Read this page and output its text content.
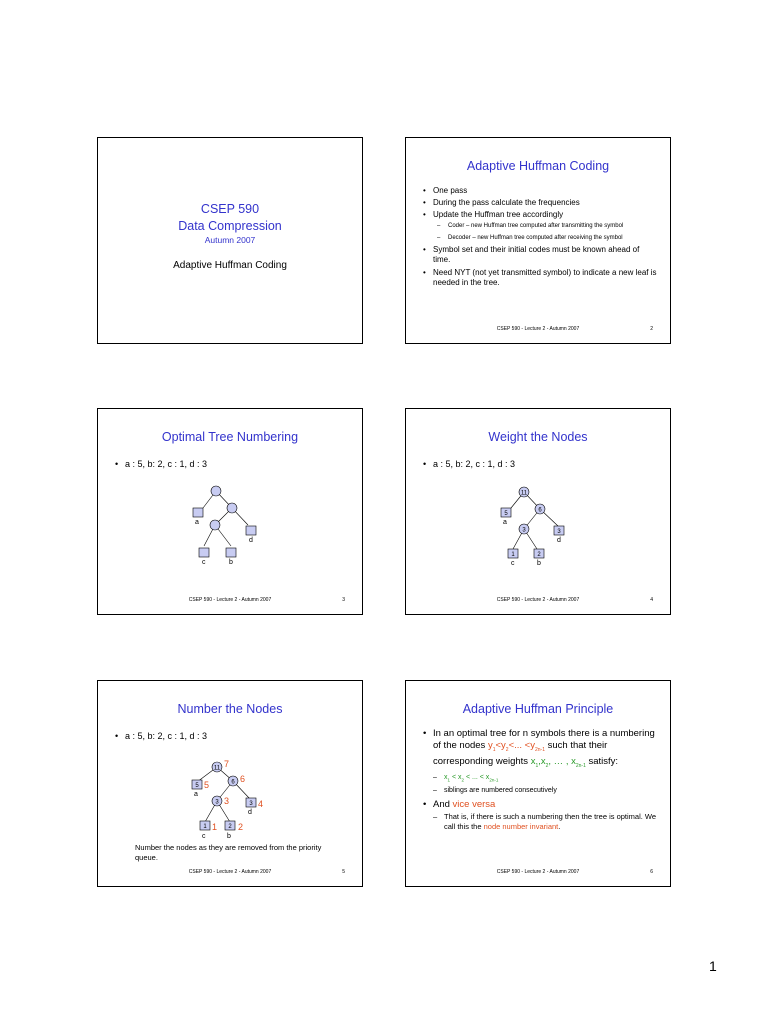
CSEP 590
Data Compression
Autumn 2007
Adaptive Huffman Coding
Adaptive Huffman Coding
• One pass
• During the pass calculate the frequencies
• Update the Huffman tree accordingly
– Coder – new Huffman tree computed after transmitting the symbol
– Decoder – new Huffman tree computed after receiving the symbol
• Symbol set and their initial codes must be known ahead of time.
• Need NYT (not yet transmitted symbol) to indicate a new leaf is needed in the tree.
CSEP 590 - Lecture 2 - Autumn 2007	2
Optimal Tree Numbering
• a : 5, b: 2, c : 1, d : 3
a
d
c	b
CSEP 590 - Lecture 2 - Autumn 2007	3
Weight the Nodes
• a : 5, b: 2, c : 1, d : 3
11
5
6
3	3
1	2
a
d
c	b
CSEP 590 - Lecture 2 - Autumn 2007	4
Number the Nodes
• a : 5, b: 2, c : 1, d : 3
11
5
6
3	3
1	2
7
5
6
3	4
1 2
a
d
c	b
Number the nodes as they are removed from the priority queue.
CSEP 590 - Lecture 2 - Autumn 2007	5
Adaptive Huffman Principle
• In an optimal tree for n symbols there is a numbering of the nodes $y_1<y_2<$... $<y_{2n-1}$ such that their corresponding weights $x_1,x_2$, … , $x_{2n-1}$ satisfy:
– $x_1 < x_2$ < ... < $x_{2n-1}$
– siblings are numbered consecutively
• And vice versa
– That is, if there is such a numbering then the tree is optimal. We call this the node number invariant.
CSEP 590 - Lecture 2 - Autumn 2007	6
1
